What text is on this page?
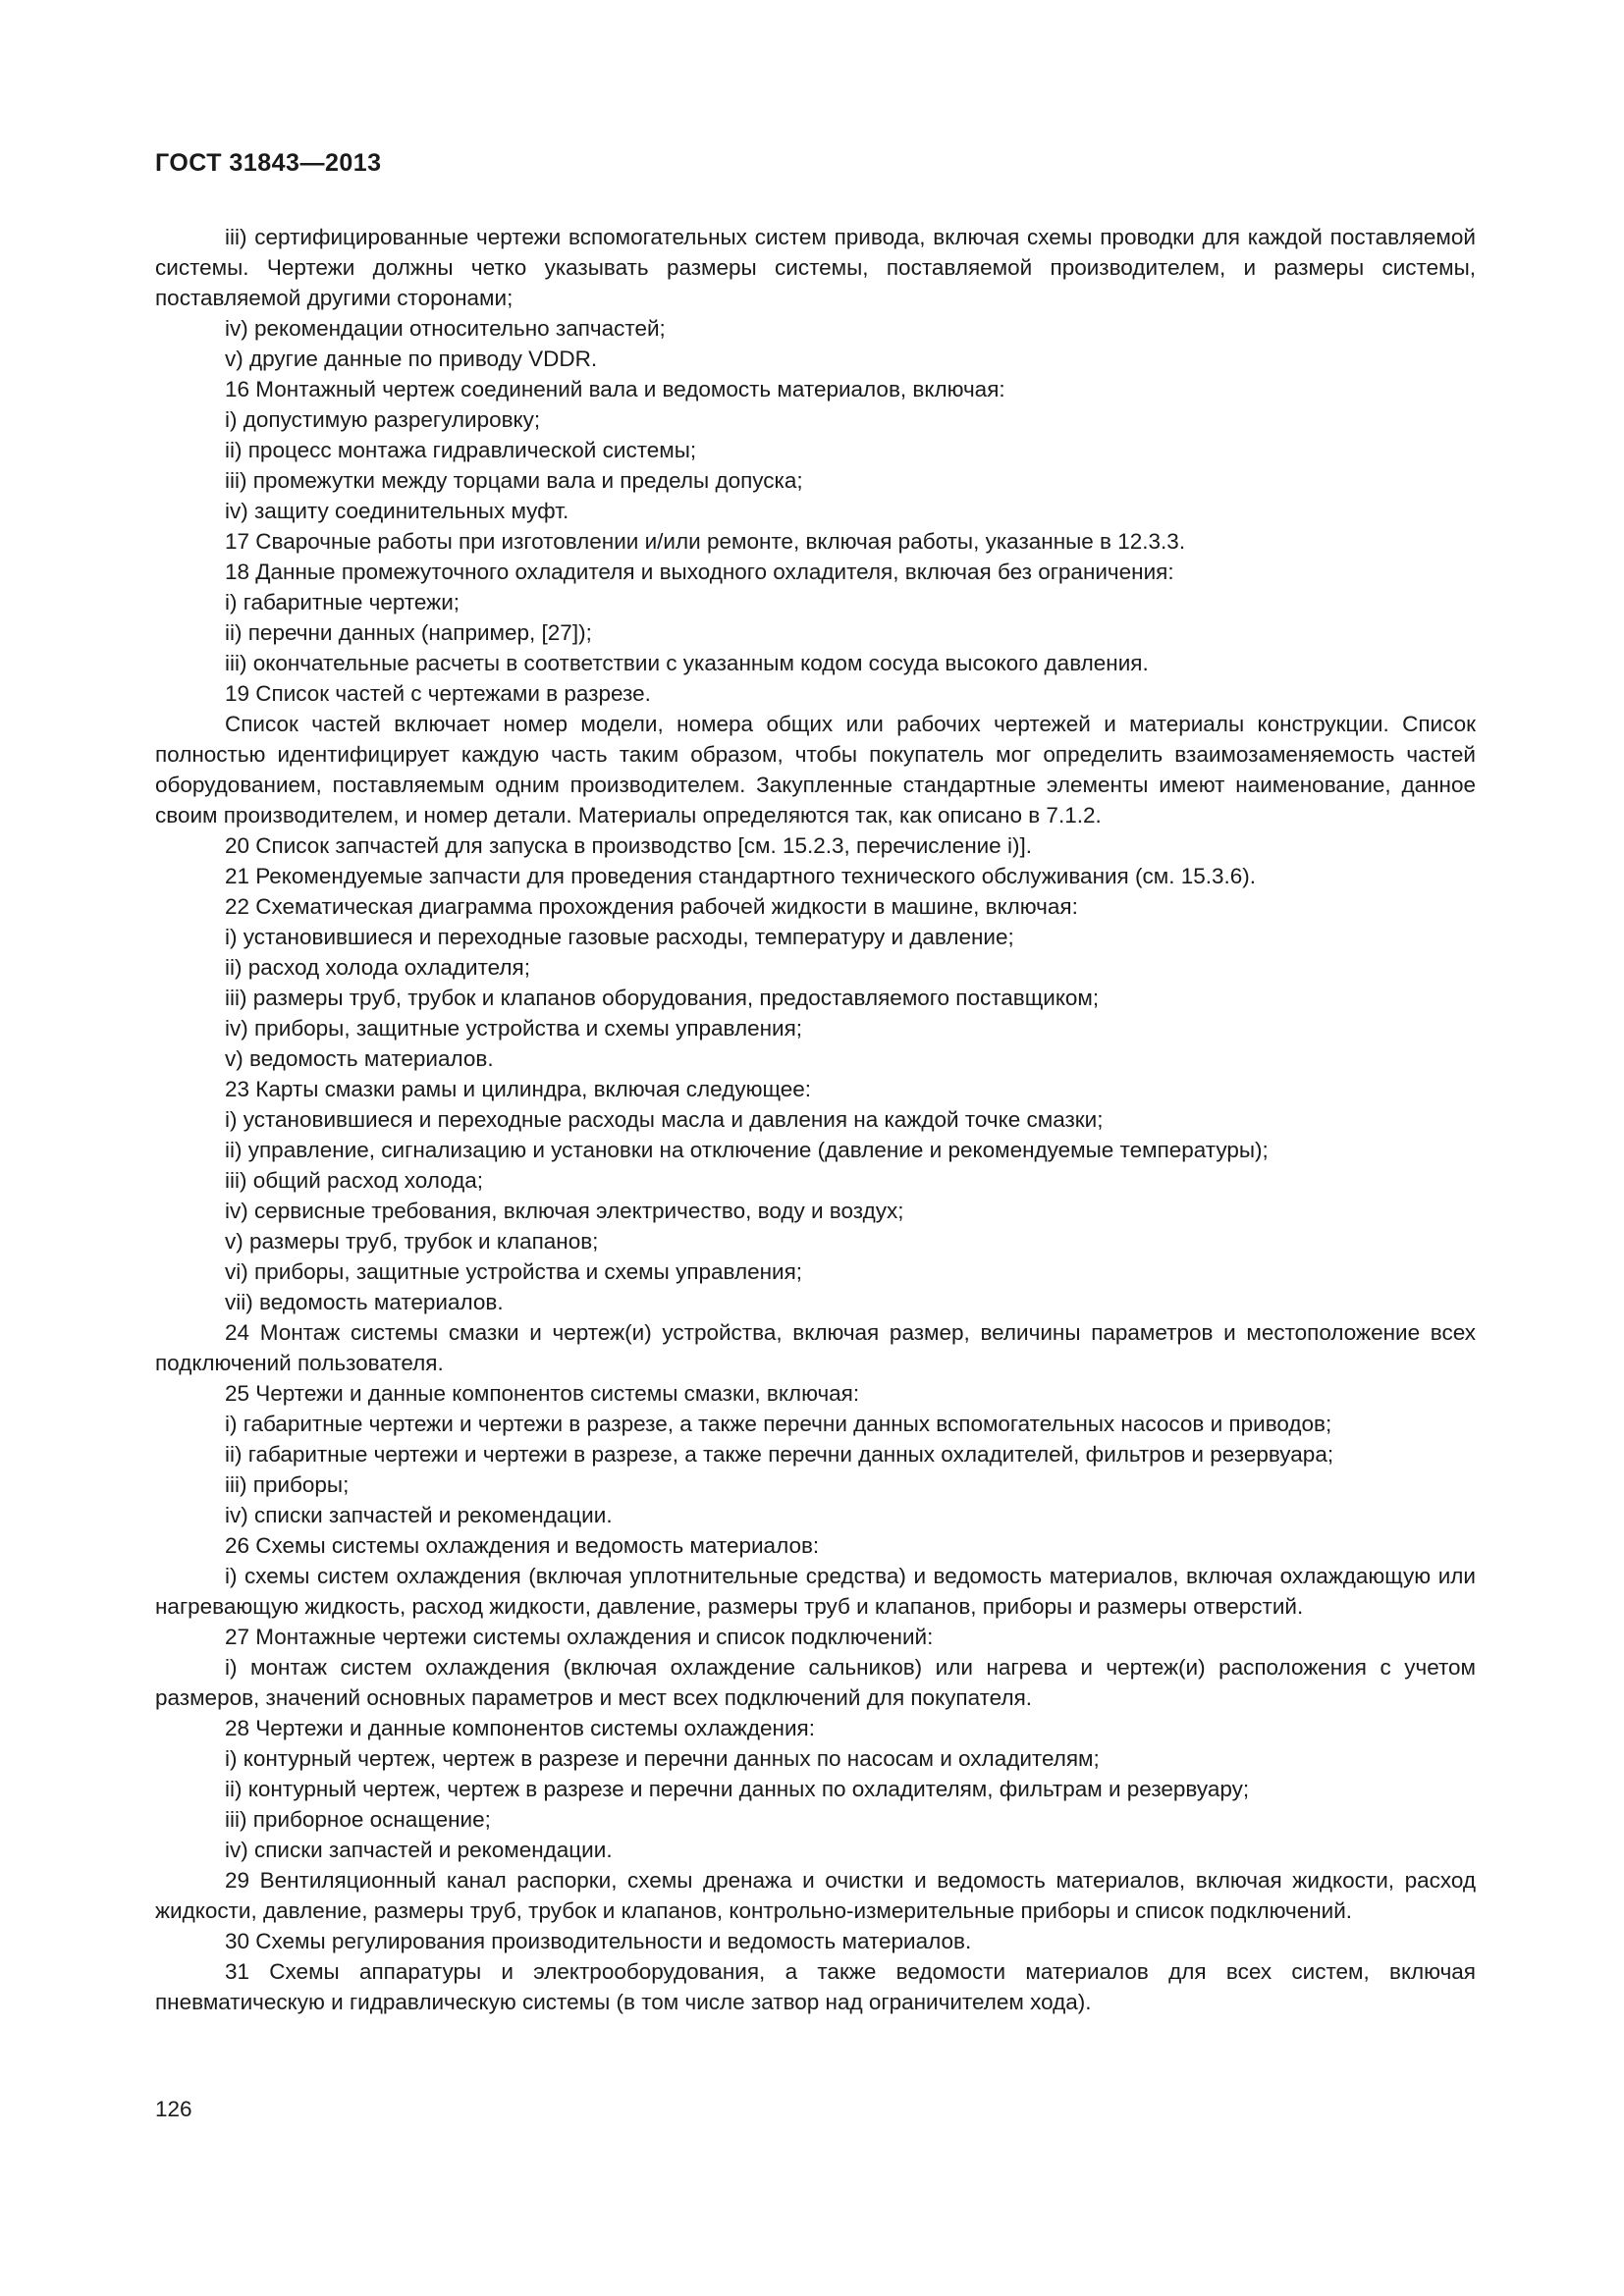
ГОСТ 31843—2013

iii) сертифицированные чертежи вспомогательных систем привода, включая схемы проводки для каждой поставляемой системы. Чертежи должны четко указывать размеры системы, поставляемой производителем, и размеры системы, поставляемой другими сторонами;

iv) рекомендации относительно запчастей;

v) другие данные по приводу VDDR.

16 Монтажный чертеж соединений вала и ведомость материалов, включая:

i) допустимую разрегулировку;

ii) процесс монтажа гидравлической системы;

iii) промежутки между торцами вала и пределы допуска;

iv) защиту соединительных муфт.

17 Сварочные работы при изготовлении и/или ремонте, включая работы, указанные в 12.3.3.

18 Данные промежуточного охладителя и выходного охладителя, включая без ограничения:

i) габаритные чертежи;

ii) перечни данных (например, [27]);

iii) окончательные расчеты в соответствии с указанным кодом сосуда высокого давления.

19 Список частей с чертежами в разрезе.

Список частей включает номер модели, номера общих или рабочих чертежей и материалы конструкции. Список полностью идентифицирует каждую часть таким образом, чтобы покупатель мог определить взаимозаменяемость частей оборудованием, поставляемым одним производителем. Закупленные стандартные элементы имеют наименование, данное своим производителем, и номер детали. Материалы определяются так, как описано в 7.1.2.

20 Список запчастей для запуска в производство [см. 15.2.3, перечисление i)].

21 Рекомендуемые запчасти для проведения стандартного технического обслуживания (см. 15.3.6).

22 Схематическая диаграмма прохождения рабочей жидкости в машине, включая:

i) установившиеся и переходные газовые расходы, температуру и давление;

ii) расход холода охладителя;

iii) размеры труб, трубок и клапанов оборудования, предоставляемого поставщиком;

iv) приборы, защитные устройства и схемы управления;

v) ведомость материалов.

23 Карты смазки рамы и цилиндра, включая следующее:

i) установившиеся и переходные расходы масла и давления на каждой точке смазки;

ii) управление, сигнализацию и установки на отключение (давление и рекомендуемые температуры);

iii) общий расход холода;

iv) сервисные требования, включая электричество, воду и воздух;

v) размеры труб, трубок и клапанов;

vi) приборы, защитные устройства и схемы управления;

vii) ведомость материалов.

24 Монтаж системы смазки и чертеж(и) устройства, включая размер, величины параметров и местоположение всех подключений пользователя.

25 Чертежи и данные компонентов системы смазки, включая:

i) габаритные чертежи и чертежи в разрезе, а также перечни данных вспомогательных насосов и приводов;

ii) габаритные чертежи и чертежи в разрезе, а также перечни данных охладителей, фильтров и резервуара;

iii) приборы;

iv) списки запчастей и рекомендации.

26 Схемы системы охлаждения и ведомость материалов:

i) схемы систем охлаждения (включая уплотнительные средства) и ведомость материалов, включая охлаждающую или нагревающую жидкость, расход жидкости, давление, размеры труб и клапанов, приборы и размеры отверстий.

27 Монтажные чертежи системы охлаждения и список подключений:

i) монтаж систем охлаждения (включая охлаждение сальников) или нагрева и чертеж(и) расположения с учетом размеров, значений основных параметров и мест всех подключений для покупателя.

28 Чертежи и данные компонентов системы охлаждения:

i) контурный чертеж, чертеж в разрезе и перечни данных по насосам и охладителям;

ii) контурный чертеж, чертеж в разрезе и перечни данных по охладителям, фильтрам и резервуару;

iii) приборное оснащение;

iv) списки запчастей и рекомендации.

29 Вентиляционный канал распорки, схемы дренажа и очистки и ведомость материалов, включая жидкости, расход жидкости, давление, размеры труб, трубок и клапанов, контрольно-измерительные приборы и список подключений.

30 Схемы регулирования производительности и ведомость материалов.

31 Схемы аппаратуры и электрооборудования, а также ведомости материалов для всех систем, включая пневматическую и гидравлическую системы (в том числе затвор над ограничителем хода).

126
